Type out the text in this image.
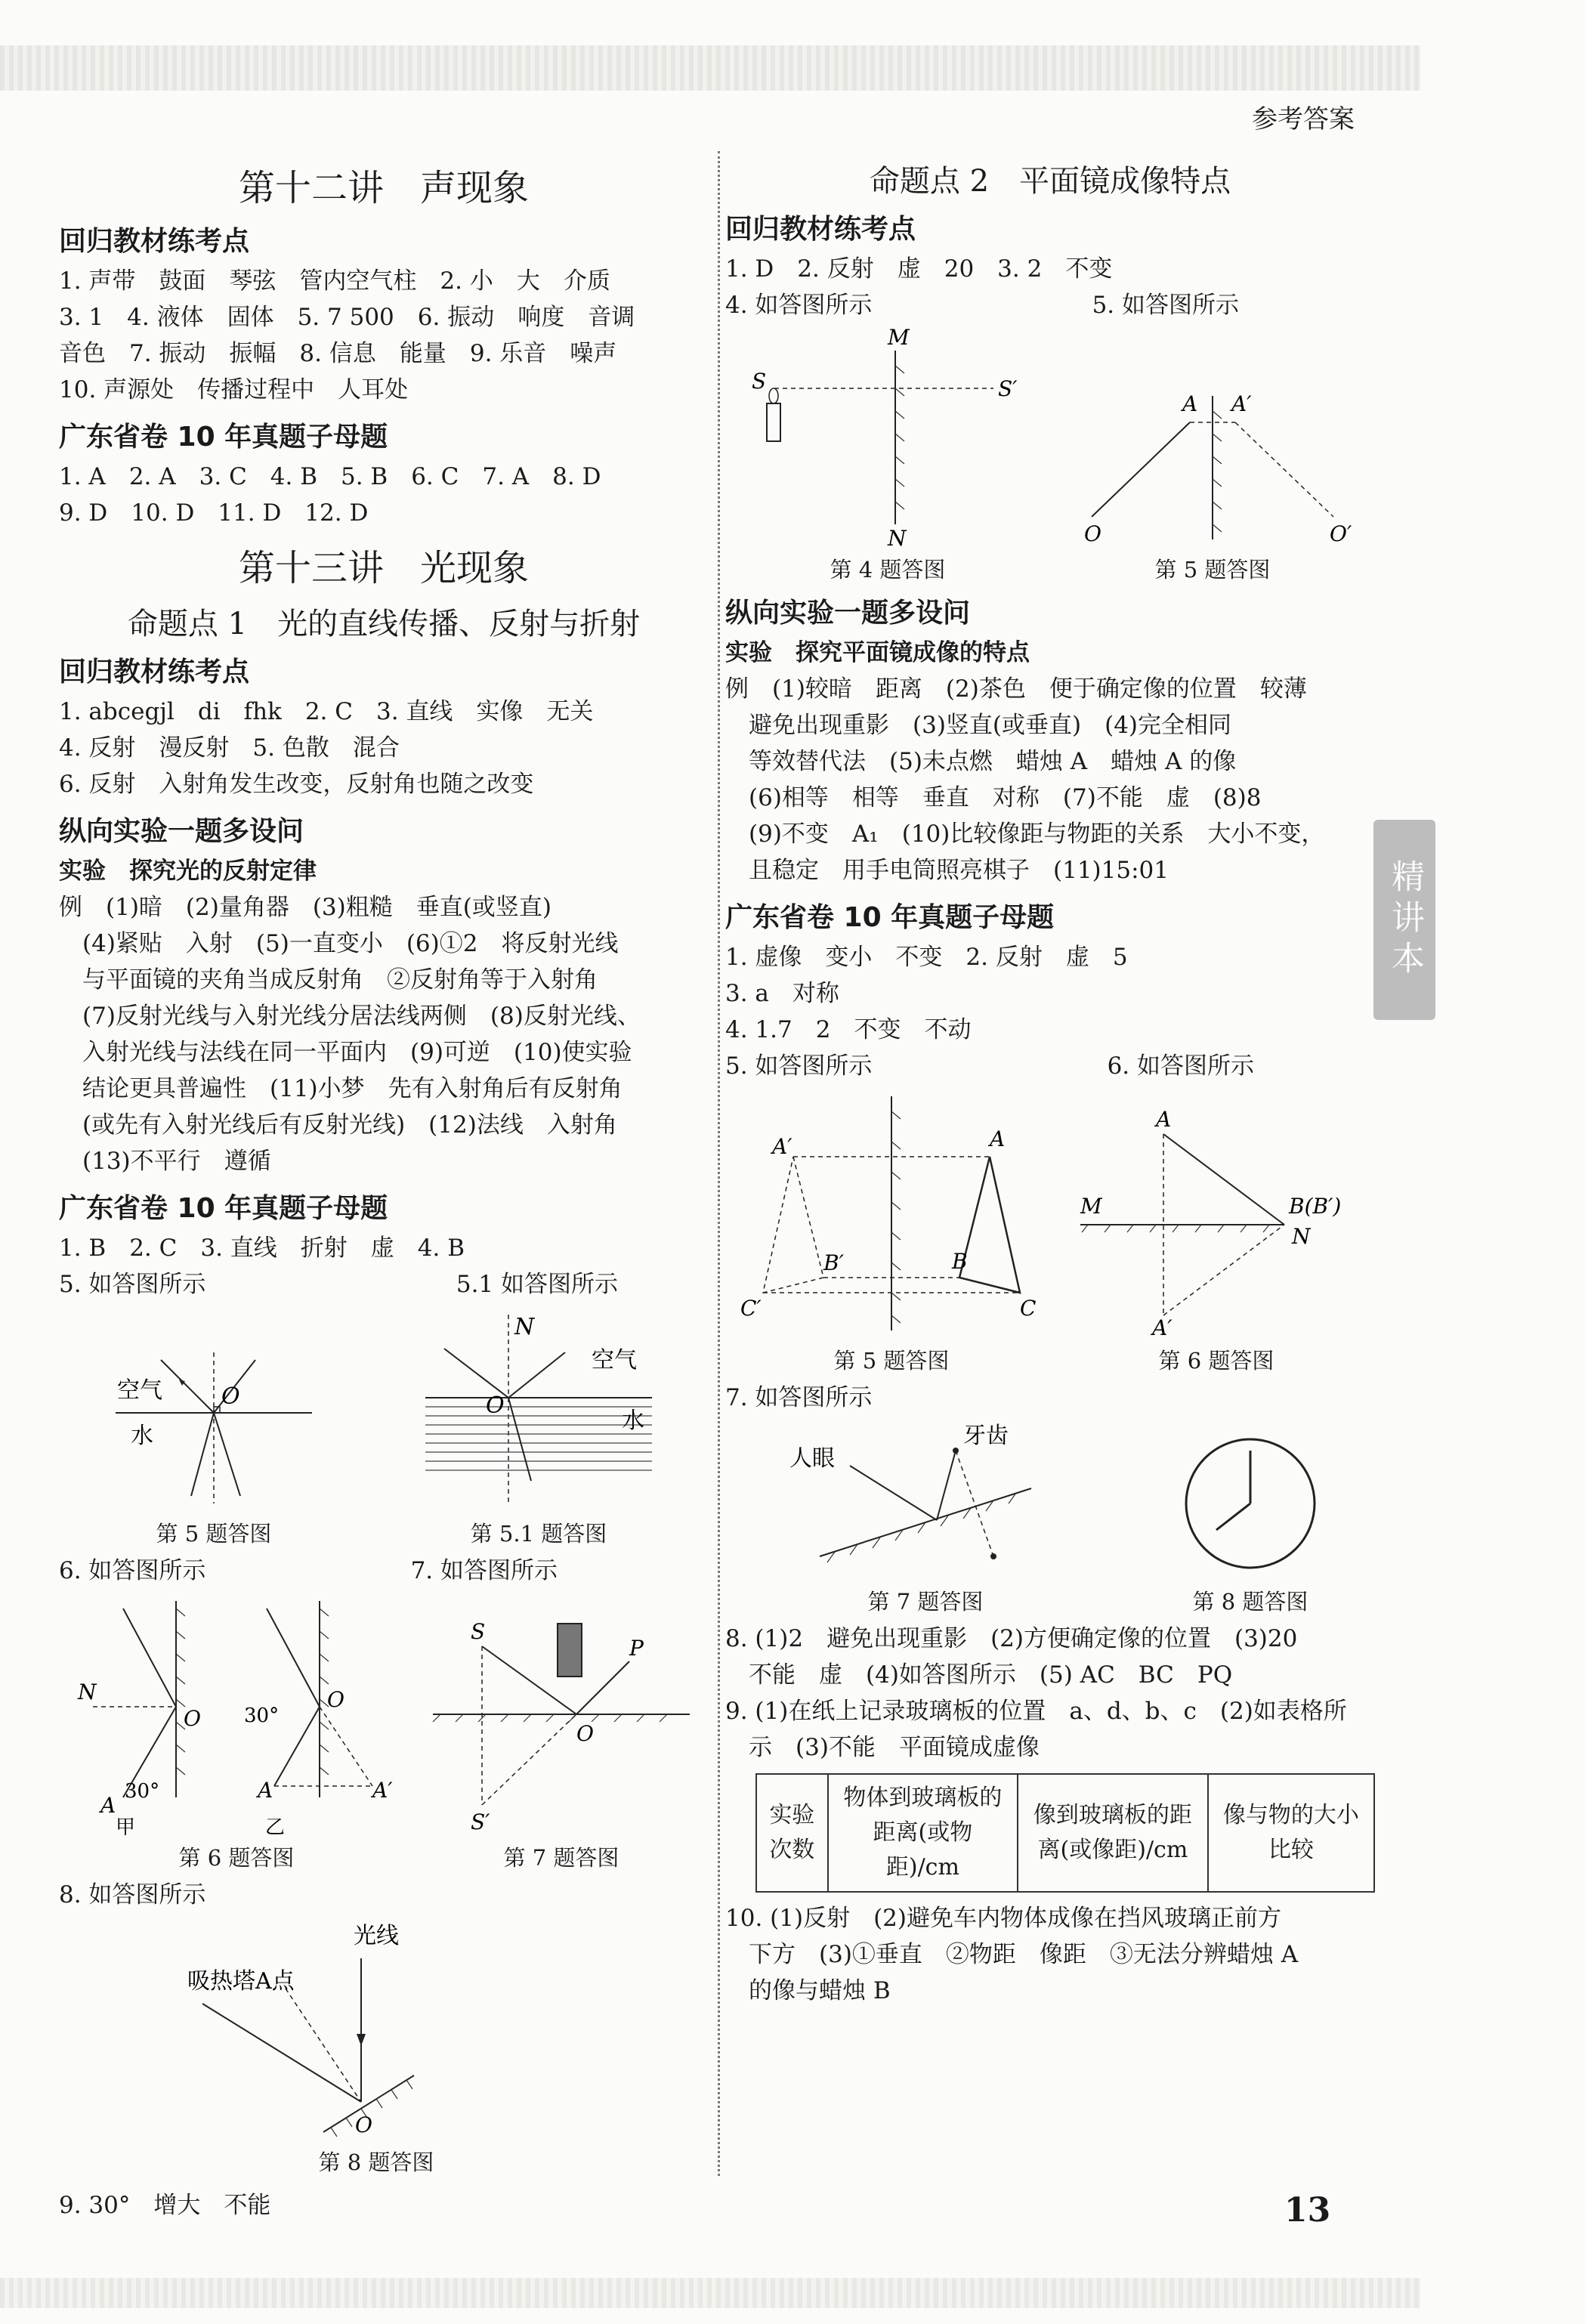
参考答案
精讲本
13
第十二讲　声现象
回归教材练考点
1. 声带　鼓面　琴弦　管内空气柱　2. 小　大　介质
3. 1　4. 液体　固体　5. 7 500　6. 振动　响度　音调
音色　7. 振动　振幅　8. 信息　能量　9. 乐音　噪声
10. 声源处　传播过程中　人耳处
广东省卷 10 年真题子母题
1. A　2. A　3. C　4. B　5. B　6. C　7. A　8. D
9. D　10. D　11. D　12. D
第十三讲　光现象
命题点 1　光的直线传播、反射与折射
回归教材练考点
1. abcegjl　di　fhk　2. C　3. 直线　实像　无关
4. 反射　漫反射　5. 色散　混合
6. 反射　入射角发生改变，反射角也随之改变
纵向实验一题多设问
实验　探究光的反射定律
例　(1)暗　(2)量角器　(3)粗糙　垂直(或竖直)
　(4)紧贴　入射　(5)一直变小　(6)①2　将反射光线
　与平面镜的夹角当成反射角　②反射角等于入射角
　(7)反射光线与入射光线分居法线两侧　(8)反射光线、
　入射光线与法线在同一平面内　(9)可逆　(10)使实验
　结论更具普遍性　(11)小梦　先有入射角后有反射角
　(或先有入射光线后有反射光线)　(12)法线　入射角
　(13)不平行　遵循
广东省卷 10 年真题子母题
1. B　2. C　3. 直线　折射　虚　4. B
5. 如答图所示	5.1 如答图所示
空气
水
O
第 5 题答图
N
O
空气
水
第 5.1 题答图
6. 如答图所示	7. 如答图所示
N
O
A
30°
甲
O
30°
A	A′
乙
第 6 题答图
S
P
O
S′
第 7 题答图
8. 如答图所示
光线
吸热塔A点
O
第 8 题答图
9. 30°　增大　不能
命题点 2　平面镜成像特点
回归教材练考点
1. D　2. 反射　虚　20　3. 2　不变
4. 如答图所示	5. 如答图所示
M
S	S′
N
第 4 题答图
A A′
O	O′
第 5 题答图
纵向实验一题多设问
实验　探究平面镜成像的特点
例　(1)较暗　距离　(2)茶色　便于确定像的位置　较薄
　避免出现重影　(3)竖直(或垂直)　(4)完全相同
　等效替代法　(5)未点燃　蜡烛 A　蜡烛 A 的像
　(6)相等　相等　垂直　对称　(7)不能　虚　(8)8
　(9)不变　A₁　(10)比较像距与物距的关系　大小不变，
　且稳定　用手电筒照亮棋子　(11)15:01
广东省卷 10 年真题子母题
1. 虚像　变小　不变　2. 反射　虚　5
3. a　对称
4. 1.7　2　不变　不动
5. 如答图所示	6. 如答图所示
A
A′
B
B′
C
C′
第 5 题答图
A
M	B(B′)
N
A′
第 6 题答图
7. 如答图所示
人眼
牙齿
第 7 题答图	第 8 题答图
8. (1)2　避免出现重影　(2)方便确定像的位置　(3)20
　不能　虚　(4)如答图所示　(5) AC　BC　PQ
9. (1)在纸上记录玻璃板的位置　a、d、b、c　(2)如表格所
　示　(3)不能　平面镜成虚像
实验次数	物体到玻璃板的距离(或物距)/cm	像到玻璃板的距离(或像距)/cm	像与物的大小比较
10. (1)反射　(2)避免车内物体成像在挡风玻璃正前方
　下方　(3)①垂直　②物距　像距　③无法分辨蜡烛 A
　的像与蜡烛 B
